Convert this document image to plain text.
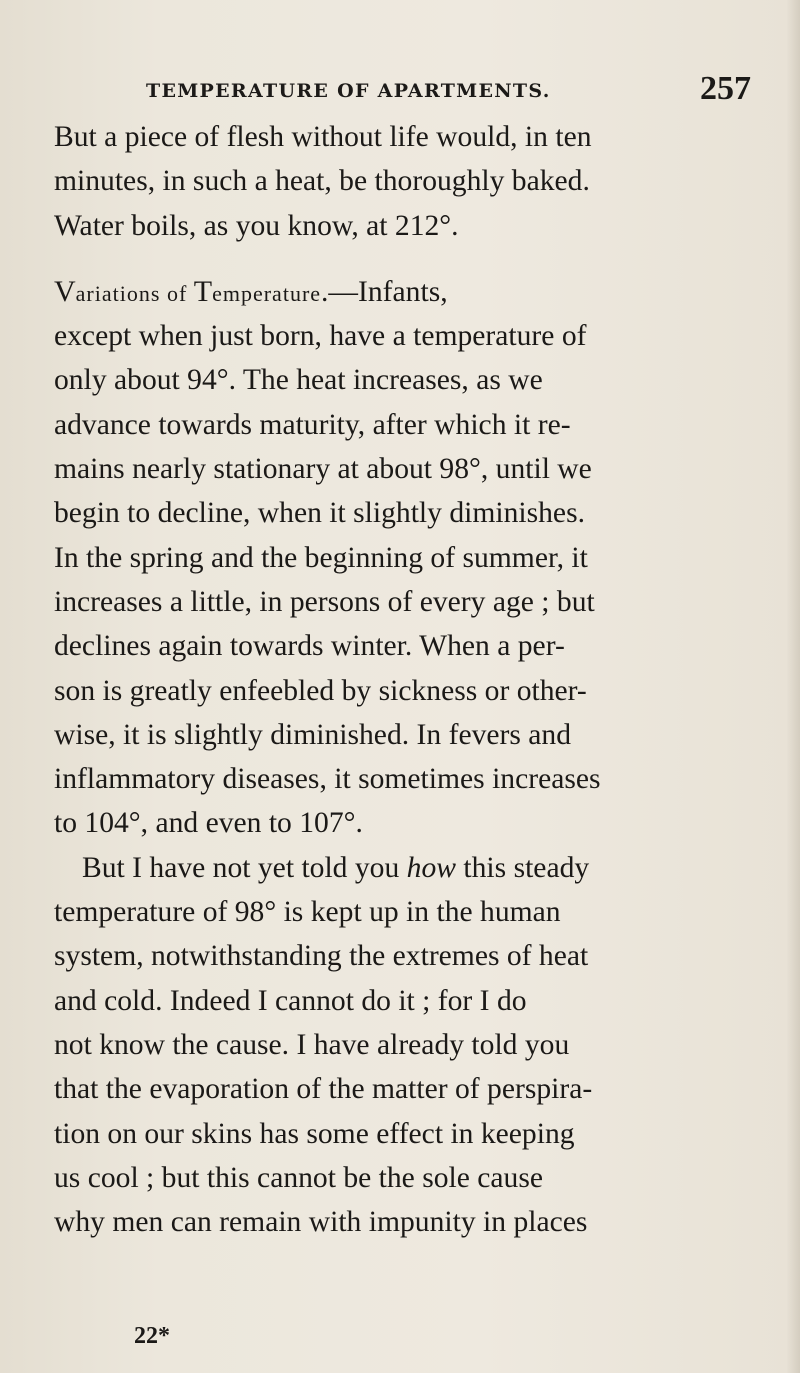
TEMPERATURE OF APARTMENTS.	257
But a piece of flesh without life would, in ten
minutes, in such a heat, be thoroughly baked.
Water boils, as you know, at 212°.
Variations of Temperature.—Infants,
except when just born, have a temperature of
only about 94°. The heat increases, as we
advance towards maturity, after which it re-
mains nearly stationary at about 98°, until we
begin to decline, when it slightly diminishes.
In the spring and the beginning of summer, it
increases a little, in persons of every age ; but
declines again towards winter. When a per-
son is greatly enfeebled by sickness or other-
wise, it is slightly diminished. In fevers and
inflammatory diseases, it sometimes increases
to 104°, and even to 107°.
But I have not yet told you how this steady
temperature of 98° is kept up in the human
system, notwithstanding the extremes of heat
and cold. Indeed I cannot do it ; for I do
not know the cause. I have already told you
that the evaporation of the matter of perspira-
tion on our skins has some effect in keeping
us cool ; but this cannot be the sole cause
why men can remain with impunity in places
22*
